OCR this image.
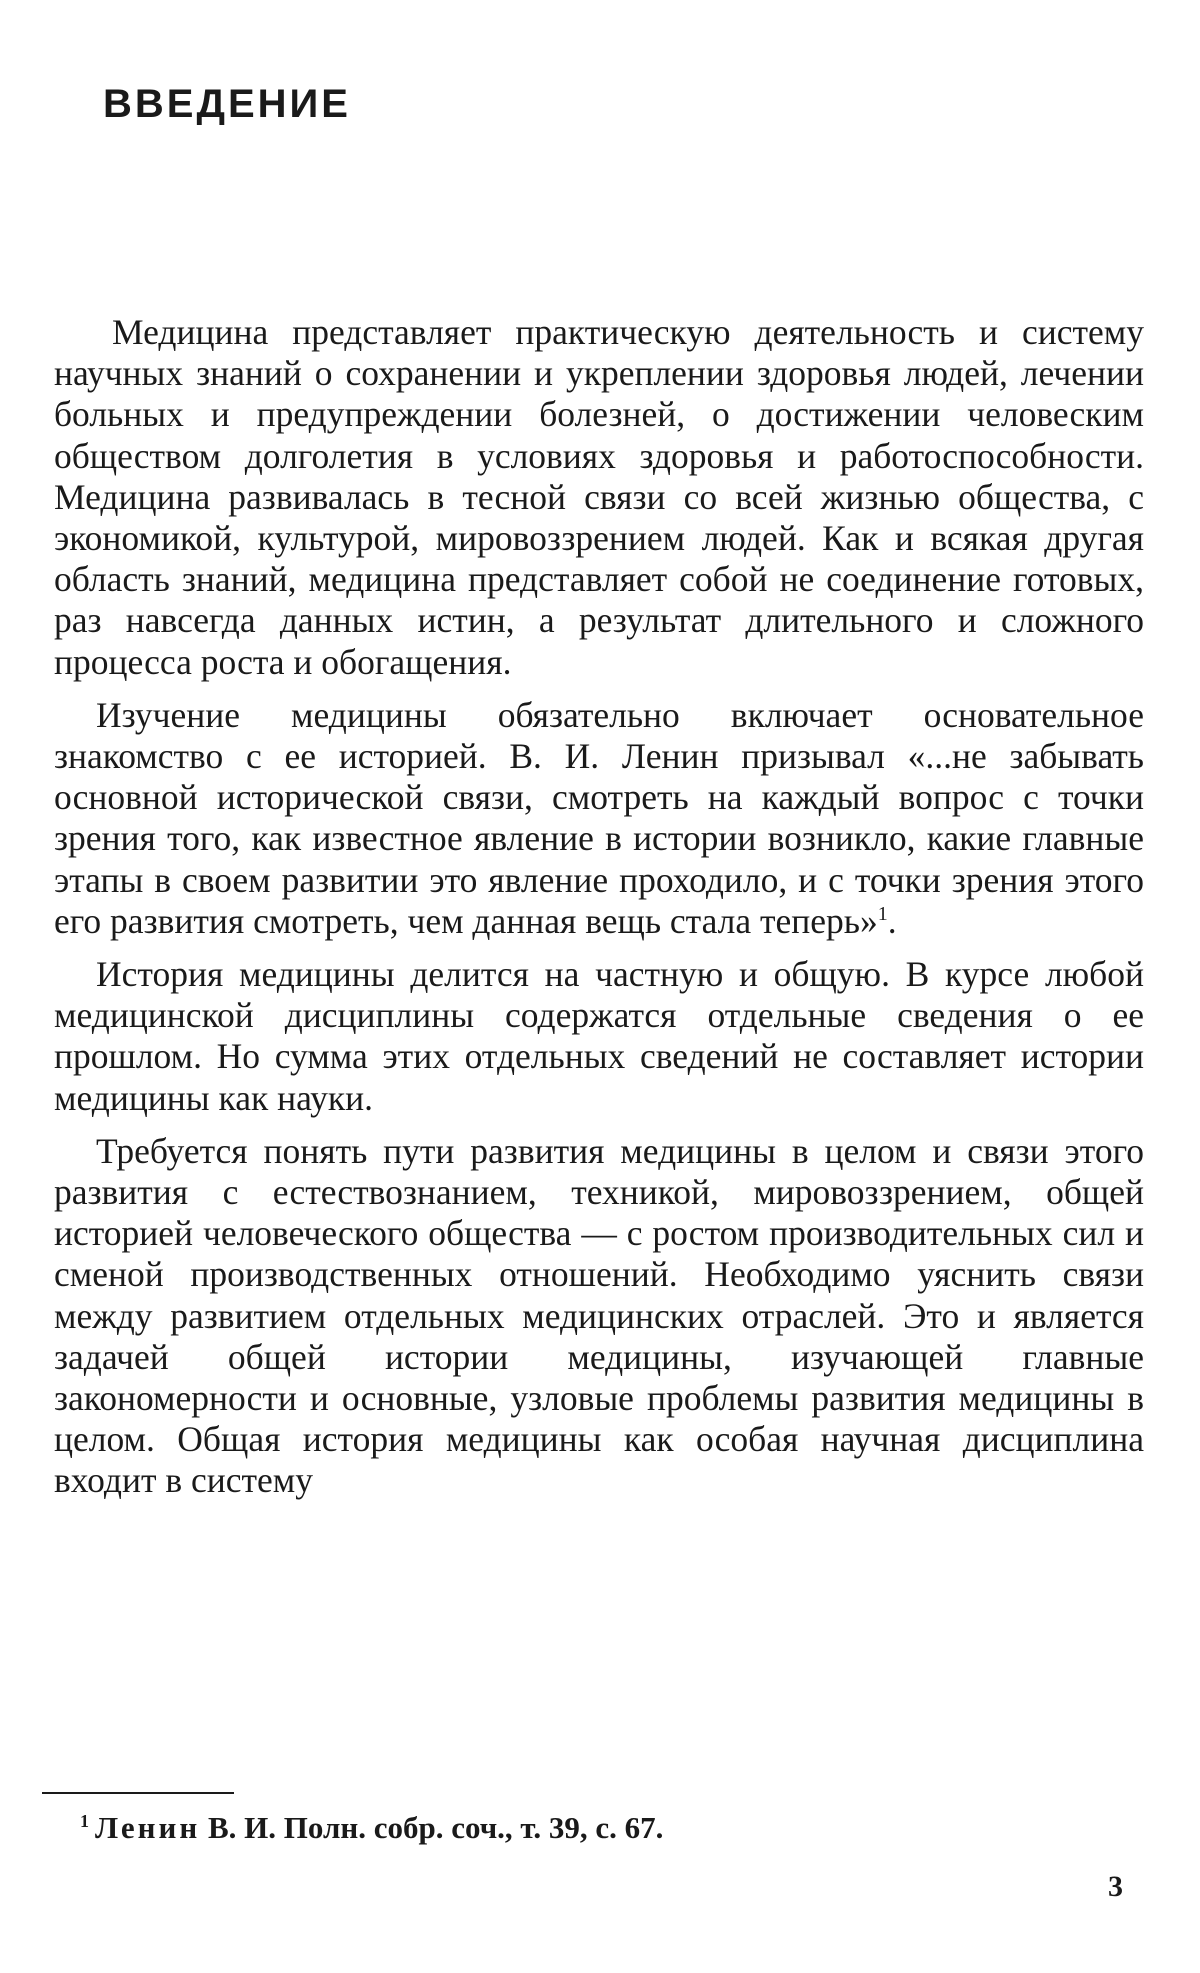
ВВЕДЕНИЕ

Медицина представляет практическую деятельность и систему научных знаний о сохранении и укреплении здоровья людей, лечении больных и предупреждении болезней, о достижении человеским обществом долголетия в условиях здоровья и работоспособности. Медицина развивалась в тесной связи со всей жизнью общества, с экономикой, культурой, мировоззрением людей. Как и всякая другая область знаний, медицина представляет собой не соединение готовых, раз навсегда данных истин, а результат длительного и сложного процесса роста и обогащения.

Изучение медицины обязательно включает основательное знакомство с ее историей. В. И. Ленин призывал «...не забывать основной исторической связи, смотреть на каждый вопрос с точки зрения того, как известное явление в истории возникло, какие главные этапы в своем развитии это явление проходило, и с точки зрения этого его развития смотреть, чем данная вещь стала теперь»$^1$.

История медицины делится на частную и общую. В курсе любой медицинской дисциплины содержатся отдельные сведения о ее прошлом. Но сумма этих отдельных сведений не составляет истории медицины как науки.

Требуется понять пути развития медицины в целом и связи этого развития с естествознанием, техникой, мировоззрением, общей историей человеческого общества — с ростом производительных сил и сменой производственных отношений. Необходимо уяснить связи между развитием отдельных медицинских отраслей. Это и является задачей общей истории медицины, изучающей главные закономерности и основные, узловые проблемы развития медицины в целом. Общая история медицины как особая научная дисциплина входит в систему

$^1$ Ленин В. И. Полн. собр. соч., т. 39, с. 67.
3
